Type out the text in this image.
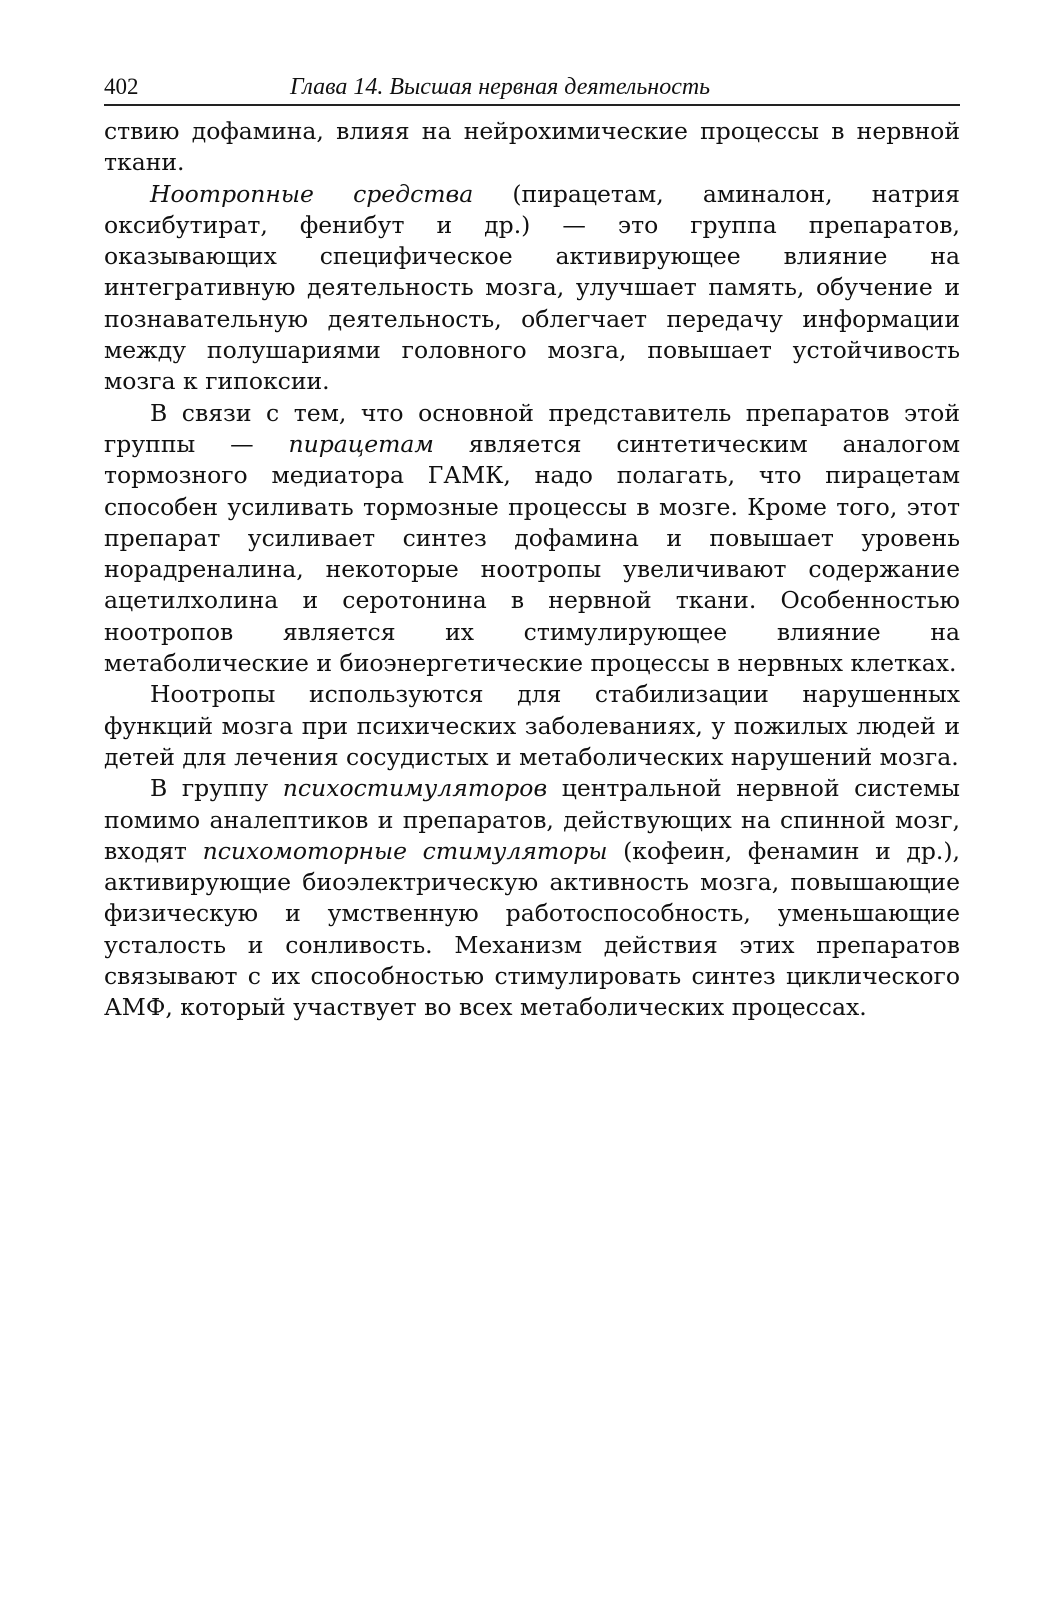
402	Глава 14. Высшая нервная деятельность

ствию дофамина, влияя на нейрохимические процессы в нервной ткани.

Ноотропные средства (пирацетам, аминалон, натрия оксибутират, фенибут и др.) — это группа препаратов, оказывающих специфическое активирующее влияние на интегративную деятельность мозга, улучшает память, обучение и познавательную деятельность, облегчает передачу информации между полушариями головного мозга, повышает устойчивость мозга к гипоксии.

В связи с тем, что основной представитель препаратов этой группы — пирацетам является синтетическим аналогом тормозного медиатора ГАМК, надо полагать, что пирацетам способен усиливать тормозные процессы в мозге. Кроме того, этот препарат усиливает синтез дофамина и повышает уровень норадреналина, некоторые ноотропы увеличивают содержание ацетилхолина и серотонина в нервной ткани. Особенностью ноотропов является их стимулирующее влияние на метаболические и биоэнергетические процессы в нервных клетках.

Ноотропы используются для стабилизации нарушенных функций мозга при психических заболеваниях, у пожилых людей и детей для лечения сосудистых и метаболических нарушений мозга.

В группу психостимуляторов центральной нервной системы помимо аналептиков и препаратов, действующих на спинной мозг, входят психомоторные стимуляторы (кофеин, фенамин и др.), активирующие биоэлектрическую активность мозга, повышающие физическую и умственную работоспособность, уменьшающие усталость и сонливость. Механизм действия этих препаратов связывают с их способностью стимулировать синтез циклического АМФ, который участвует во всех метаболических процессах.
